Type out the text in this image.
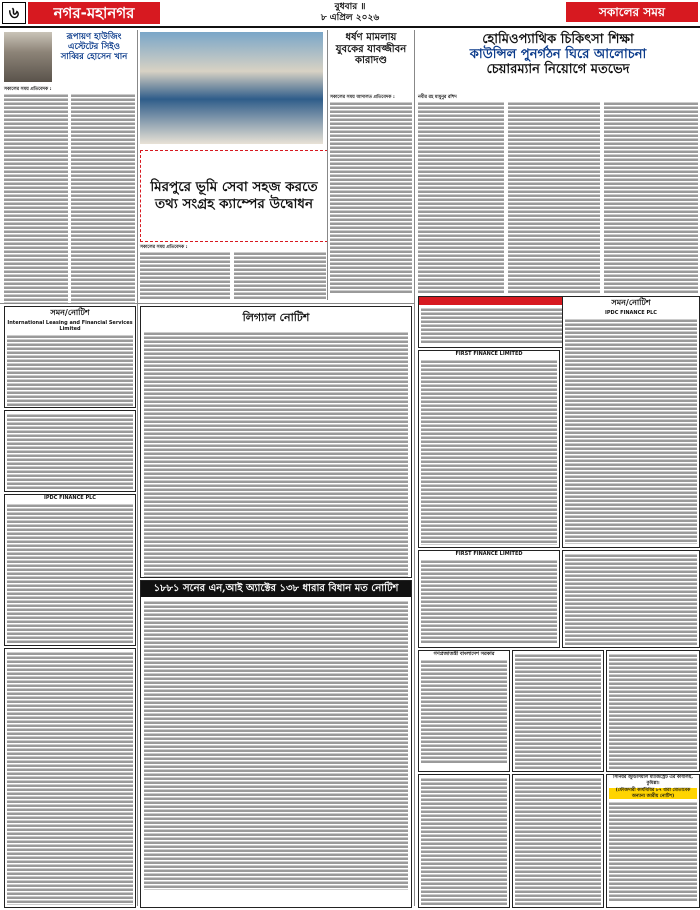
৬	নগর-মহানগর	বুধবার ॥
৮ এপ্রিল ২০২৬	সকালের সময়
রূপায়ণ হাউজিং এস্টেটের সিইও সাব্বির হোসেন খান
সকালের সময় প্রতিবেদক :
ধর্ষণ মামলায় যুবকের যাবজ্জীবন কারাদণ্ড
সকালের সময় আদালত প্রতিবেদক :
হোমিওপ্যাথিক চিকিৎসা শিক্ষা
কাউন্সিল পুনর্গঠন ঘিরে আলোচনা
চেয়ারম্যান নিয়োগে মতভেদ
নবীর রহ মামুনুর রশিদ
মিরপুরে ভূমি সেবা সহজ করতে তথ্য সংগ্রহ ক্যাম্পের উদ্বোধন
সকালের সময় প্রতিবেদক :
সমন/নোটিশ
International Leasing and Financial Services Limited
IPDC FINANCE PLC
লিগ্যাল নোটিশ
১৮৮১ সনের এন,আই অ্যাক্টের ১৩৮ ধারার বিধান মত নোটিশ
FIRST FINANCE LIMITED
সমন/নোটিশ
IPDC FINANCE PLC
FIRST FINANCE LIMITED
গণপ্রজাতন্ত্রী বাংলাদেশ সরকার
সিনিয়র জুডিসিয়াল ম্যাজিস্ট্রেট এর কার্যালয়, কুমিল্লা।
(ফৌজদারী কার্যবিধির ৮৭ ধারা মোতাবেক অন্যান্য জারীয় নোটিশ)
